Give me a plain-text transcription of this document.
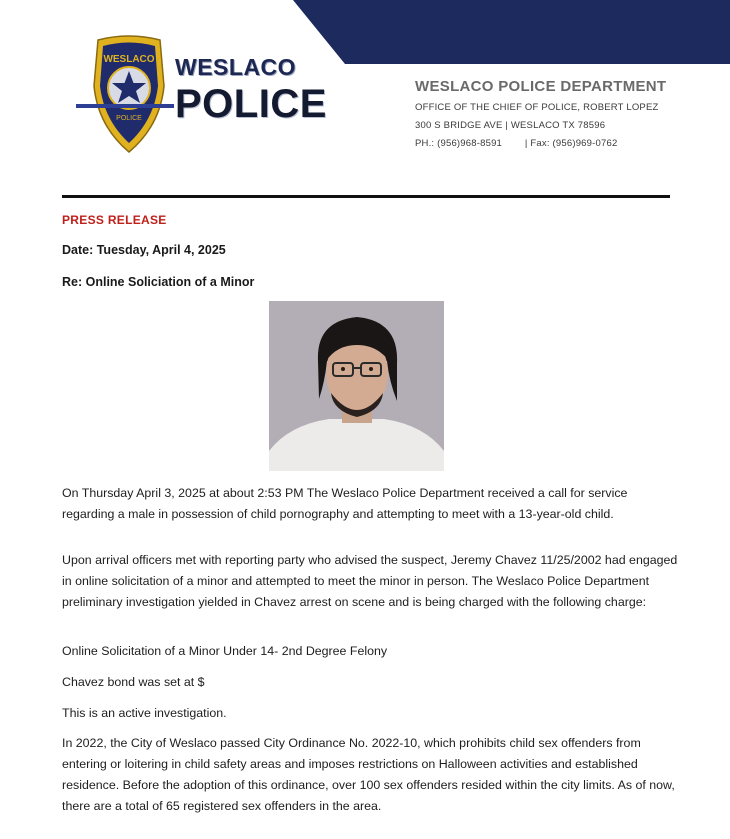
WESLACO
POLICE
WESLACO
POLICE	WESLACO POLICE DEPARTMENT
OFFICE OF THE CHIEF OF POLICE, ROBERT LOPEZ
300 S BRIDGE AVE | WESLACO TX 78596
PH.: (956)968-8591 | Fax: (956)969-0762
PRESS RELEASE
Date: Tuesday, April 4, 2025
Re: Online Soliciation of a Minor

On Thursday April 3, 2025 at about 2:53 PM The Weslaco Police Department received a call for service regarding a male in possession of child pornography and attempting to meet with a 13-year-old child.

Upon arrival officers met with reporting party who advised the suspect, Jeremy Chavez 11/25/2002 had engaged in online solicitation of a minor and attempted to meet the minor in person. The Weslaco Police Department preliminary investigation yielded in Chavez arrest on scene and is being charged with the following charge:

Online Solicitation of a Minor Under 14- 2nd Degree Felony

Chavez bond was set at $

This is an active investigation.

In 2022, the City of Weslaco passed City Ordinance No. 2022-10, which prohibits child sex offenders from entering or loitering in child safety areas and imposes restrictions on Halloween activities and established residence. Before the adoption of this ordinance, over 100 sex offenders resided within the city limits. As of now, there are a total of 65 registered sex offenders in the area.
